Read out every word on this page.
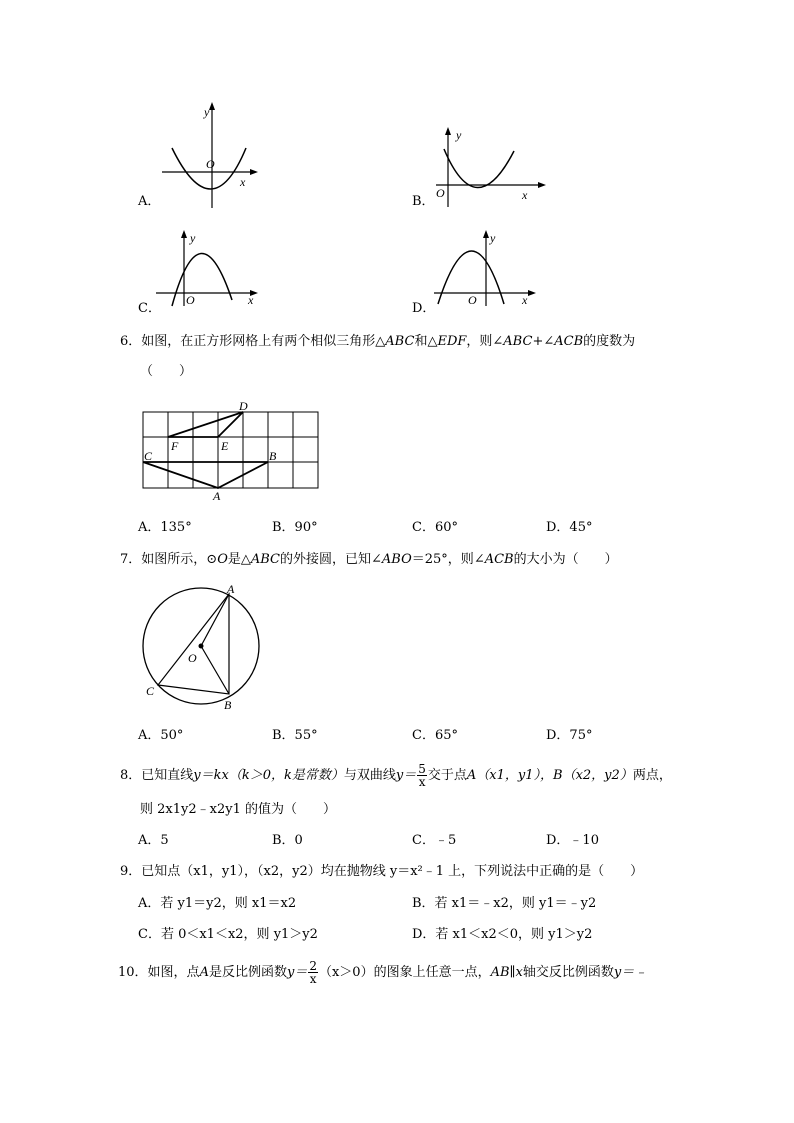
y
O
x
A．
y
O	x
B．
y
O	x
C．
y
O	x
D．
6．如图，在正方形网格上有两个相似三角形△ABC和△EDF，则∠ABC+∠ACB的度数为
（　　）
D
F	E
C	B
A
A．135°	B．90°	C．60°	D．45°
7．如图所示，⊙O是△ABC的外接圆，已知∠ABO＝25°，则∠ACB的大小为（　　）
A
O
C
B
A．50°	B．55°	C．65°	D．75°
8．已知直线y＝kx（k＞0，k是常数）与双曲线$y= \frac{5}{x}$ 交于点A（x1，y1），B（x2，y2）两点，
则 2x1y2﹣x2y1 的值为（　　）
A．5	B．0	C．﹣5	D．﹣10
9．已知点（x1，y1），（x2，y2）均在抛物线 y＝x²﹣1 上，下列说法中正确的是（　　）
A．若 y1＝y2，则 x1＝x2	B．若 x1＝﹣x2，则 y1＝﹣y2
C．若 0＜x1＜x2，则 y1＞y2	D．若 x1＜x2＜0，则 y1＞y2
10．如图，点A是反比例函数$y= \frac{2}{x} (x>0)$的图象上任意一点，AB∥x轴交反比例函数y＝﹣
